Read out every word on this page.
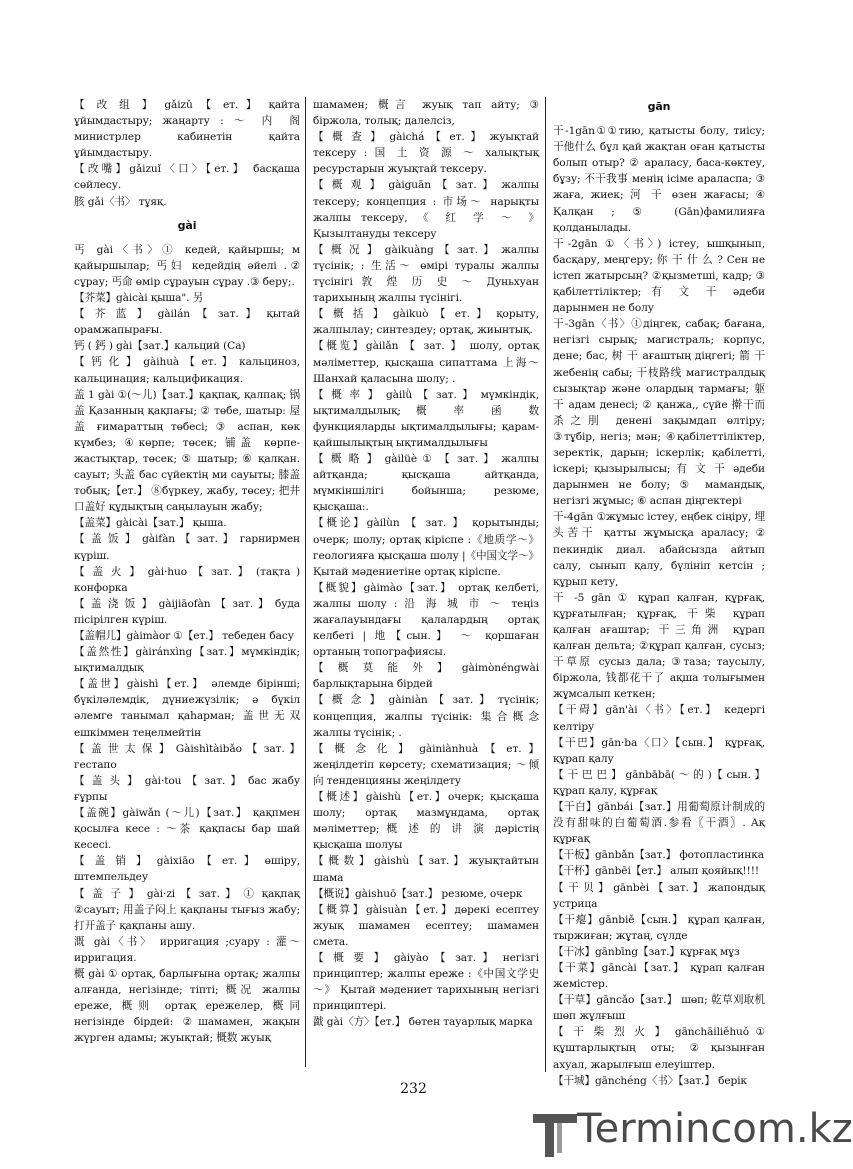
【 改 组 】 gǎizǔ 【 ет. 】 қайта ұйымдастыру; жаңарту : ～ 内 阁 министрлер кабинетін қайта ұйымдастыру.

【改嘴】gǎizuǐ〈口〉【ет.】 басқаша сөйлесу.

胲 gǎi〈书〉 тұяқ.

gài

丐 gài〈书〉① кедей, қайыршы; м қайыршылар; 丐妇 кедейдің әйелі .② сұрау; 丐命 өмір сұрауын сұрау .③ беру;.

【芥菜】gàicài қыша". 另

【 芥 蓝 】 gàilán 【 зат. 】 қытай орамжапырағы.

钙 ( 鈣 ) gài【зат.】кальций (Ca)

【 钙 化 】 gàihuà 【 ет. 】 кальциноз, кальцинация; кальцификация.

盖 1 gài ①(～儿)【зат.】қақпақ, қалпақ; 锅盖 Қазанның қақпағы; ② төбе, шатыр: 屋盖 ғимараттың төбесі; ③ аспан, көк күмбез; ④көрпе; төсек; 铺盖 көрпе-жастықтар, төсек; ⑤ шатыр; ⑥ қалқан. сауыт; 头盖 бас сүйектің ми сауыты; 膝盖 тобық;【ет.】 ⑧бүркеу, жабу, төсеу; 把井口盖好 құдықтың саңылауын жабу;

【盖菜】gàicài【зат.】 қыша.

【 盖 饭 】 gàifàn 【 зат. 】 гарнирмен күріш.

【 盖 火 】 gài·huo 【 зат. 】 (тақта ) конфорка

【 盖 浇 饭 】 gàijiāofàn 【 зат. 】 буда пісірілген күріш.

【盖帽儿】gàimàor ①【ет.】 тебеден басу

【盖然性】gàiránxìng【зат.】мүмкіндік; ықтималдық

【盖世】gàishì【ет.】 әлемде бірінші; бүкілəлемдік, дүниежүзілік; ә бүкіл әлемге танымал қаһарман; 盖世无双 ешкіммен теңелмейтін

【 盖 世 太 保 】 Gàishìtàibǎo 【 зат. 】 гестапо

【 盖 头 】 gài·tou 【 зат. 】 бас жабу ғұрпы

【盖碗】gàiwǎn (～儿)【зат.】 қақпмен қосылға кесе : ～茶 қақпасы бар шай кесесі.

【 盖 销 】 gàixiāo 【 ет. 】 өшіру, штемпельдеу

【 盖 子 】 gài·zi 【 зат. 】 ① қақпақ ②сауыт; 用盖子闷上 қақпаны тығыз жабу; 打开盖子 қақпаны ашу.

溉 gài〈书〉 ирригация ;суару : 灌～ ирригация.

概 gài ① ортақ, барлығына ортақ; жалпы алғанда, негізінде; тіпті; 概况 жалпы ереже, 概则 ортақ ережелер, 概同 негізінде бірдей: ②шамамен, жақын жүрген адамы; жуықтай; 概数 жуық

шамамен; 概言 жуық тап айту; ③ біржола, толық; далелсіз,

【 概 查 】 gàichá 【 ет. 】 жуықтай тексеру : 国 土 资 源 ～ халықтық ресурстарын жуықтай тексеру.

【 概 观 】 gàiguān 【 зат. 】 жалпы тексеру; концепция : 市场～ нарықты жалпы тексеру, 《 红 学 ～ 》 Қызылтануды тексеру

【 概 况 】 gàikuàng 【 зат. 】 жалпы түсінік; : 生活～ өмірі туралы жалпы түсінігі 敦 煌 历 史 ～ Дуньхуан тарихының жалпы түсінігі.

【 概 括 】 gàikuò 【 ет. 】 қорыту, жалпылау; синтездеу; ортақ, жиынтық.

【概览】gàilǎn 【 зат. 】 шолу, ортақ мәліметтер, қысқаша сипаттама 上海～ Шанхай қаласына шолу; .

【 概 率 】 gàilǜ 【 зат. 】 мүмкіндік, ықтималдылық; 概 率 函 数 функцияларды ықтималдылығы; қарам-қайшылықтың ықтималдылығы

【 概 略 】 gàilüè ① 【 зат. 】 жалпы айтқанда; қысқаша айтқанда, мүмкіншілігі бойынша; резюме, қысқаша:.

【概论】gàilùn 【 зат. 】 қорытынды; очерк; шолу; ортақ кіріспе :《地质学～》 геологияға қысқаша шолу |《中国文学～》 Қытай мəдениетіне ортақ кіріспе.

【概貌】gàimào【зат.】 ортақ келбеті, жалпы шолу : 沿 海 城 市 ～ теңіз жағалауындағы қалалардың ортақ келбеті | 地【сын.】 ～ қоршаған ортаның топографиясы.

【 概 莫 能 外 】 gàimònéngwài барлықтарына бірдей

【 概 念 】 gàiniàn 【 зат. 】 түсінік; концепция, жалпы түсінік: 集合概念 жалпы түсінік; .

【 概 念 化 】 gàiniànhuà 【 ет. 】 жеңілдетіп көрсету; схематизация; ～倾向 тенденцияны жеңілдету

【概述】gàishù【ет.】очерк; қысқаша шолу; ортақ мазмұндама, ортақ мәліметтер; 概 述 的 讲 演 дәрістің қысқаша шолуы

【 概 数 】 gàishù 【 зат. 】 жуықтайтын шама

【概说】gàishuō【зат.】 резюме, очерк

【概算】gàisuàn【ет.】дөрекі есептеу жуық шамамен есептеу; шамамен смета.

【 概 要 】 gàiyào 【 зат. 】 негізгі принциптер; жалпы ереже :《中国文学史～》 Қытай мəдениет тарихының негізгі принциптері.

戤 gài〈方〉【ет.】 бөтен тауарлық марка

gān

干-1gān①①тию, қатысты болу, тиісу; 干他什么 бұл қай жақтан оған қатысты болып отыр? ② араласу, баса-көктеу, бұзу; 不干我事 менің ісіме араласпа; ③ жаға, жиек; 河 干 өзен жағасы; ④ Қалқан ; ⑤ (Gān)фамилияға қолданылады.

干-2gān ①〈书〉) істеу, ышқынып, басқару, меңгеру; 你 干 什 么 ? Сен не істеп жатырсың? ②қызметші, кадр; ③ қабілеттіліктер; 有 文 干 әдеби дарынмен не болу

干-3gān〈书〉①діңгек, сабақ; бағана, негізгі сырық; магистраль; корпус, дене; бас, 树 干 ағаштың діңгегі; 箭 干 жебенің сабы; 干枝路线 магистралдық сызықтар және олардың тармағы; 躯干 адам денесі; ② қанжа,, сүйе 擀干而杀之刖 денені зақымдап өлтіру; ③тұбір, негіз; мән; ④қабілеттіліктер, зеректік, дарын; іскерлік; қабілетті, іскері; қызырылысы; 有 文 干 әдеби дарынмен не болу; ⑤ мамандық, негізгі жұмыс; ⑥ аспан діңгектері

干-4gān ①жұмыс істеу, еңбек сіңіру, 埋头苦干 қатты жұмысқа араласу; ② пекиндік диал. абайсызда айтып салу, сынып қалу, бүлініп кетсін ; құрып кету,

干 -5 gān ① құрап қалған, құрғақ, құрғатылған; құрғақ, 干柴 құрап қалған ағаштар; 干三角洲 құрап қалған дельта; ②құрап қалған, сусыз; 干草原 сусыз дала; ③таза; таусылу, біржола, 钱都花干了 ақша толығымен жұмсалып кеткен;

【干碍】gān'ài〈书〉【ет.】 кедергі келтіру

【干巴】gān·ba〈口〉【сын.】 құрғақ, құрап қалу

【 干 巴 巴 】 gānbābā( ～ 的 )【 сын. 】 құрап қалу, құрғақ

【干白】gānbái【зат.】用葡萄原计制成的没有甜味的白葡萄酒.参看〖干酒〗. Ақ құрғақ

【干板】gānbǎn【зат.】 фотопластинка

【干杯】gānbēi【ет.】 алып қояйық!!!!

【 干 贝 】 gānbèi 【 зат. 】 жапондық устрица

【干瘪】gānbiě【сын.】 құрап қалған, тыржиған; жұтаң, сүлде

【干冰】gānbīng【зат.】құрғақ мұз

【干菜】gāncài【зат.】 құрап қалған жемістер.

【干草】gāncǎo【зат.】 шөп; 乾草刈取机 шөп жұлғыш

【 干 柴 烈 火 】 gānchāiliěhuǒ ① құштарлықтың оты; ②қызынған ахуал, жарылғыш елеуіштер.

【干城】gānchéng〈书〉【зат.】 берік

232
Termincom.kz
